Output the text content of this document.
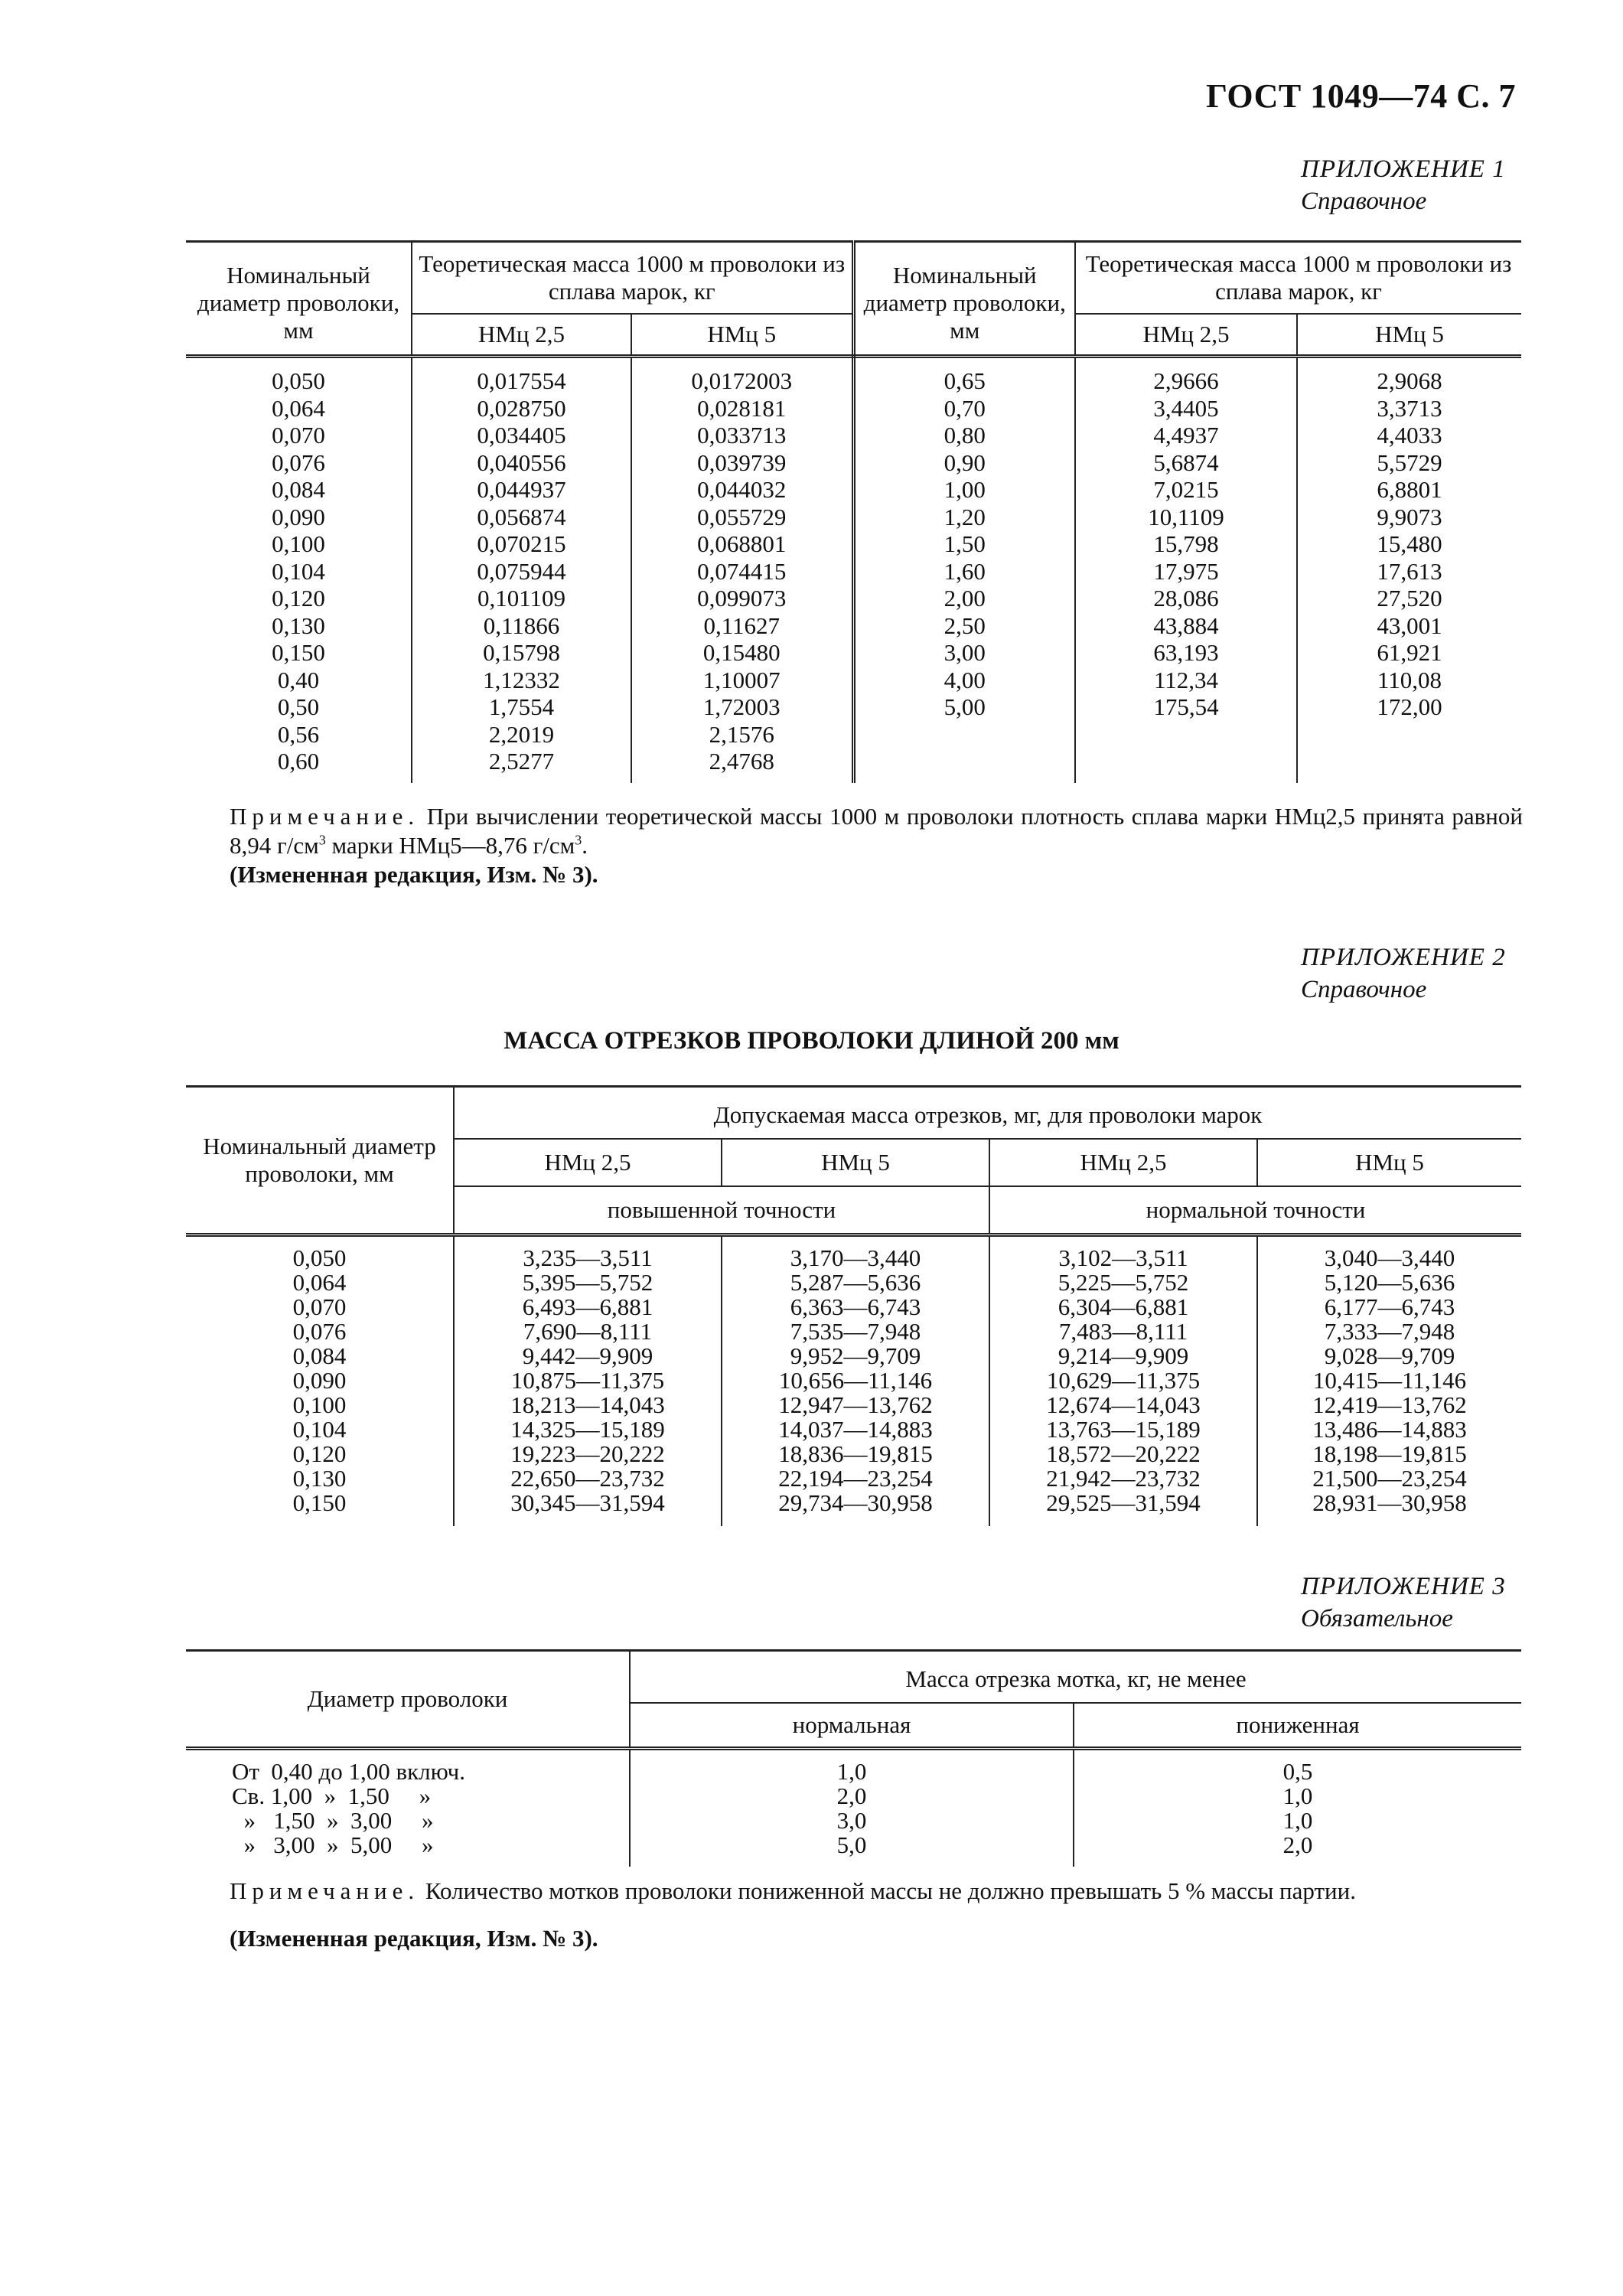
ГОСТ 1049—74 С. 7
ПРИЛОЖЕНИЕ 1
Справочное
Номинальный диаметр проволоки, мм	Теоретическая масса 1000 м проволоки из сплава марок, кг		Номинальный диаметр проволоки, мм	Теоретическая масса 1000 м проволоки из сплава марок, кг	
	НМц 2,5	НМц 5		НМц 2,5	НМц 5
0,050	0,017554	0,0172003	0,65	2,9666	2,9068
0,064	0,028750	0,028181	0,70	3,4405	3,3713
0,070	0,034405	0,033713	0,80	4,4937	4,4033
0,076	0,040556	0,039739	0,90	5,6874	5,5729
0,084	0,044937	0,044032	1,00	7,0215	6,8801
0,090	0,056874	0,055729	1,20	10,1109	9,9073
0,100	0,070215	0,068801	1,50	15,798	15,480
0,104	0,075944	0,074415	1,60	17,975	17,613
0,120	0,101109	0,099073	2,00	28,086	27,520
0,130	0,11866	0,11627	2,50	43,884	43,001
0,150	0,15798	0,15480	3,00	63,193	61,921
0,40	1,12332	1,10007	4,00	112,34	110,08
0,50	1,7554	1,72003	5,00	175,54	172,00
0,56	2,2019	2,1576			
0,60	2,5277	2,4768			
Примечание. При вычислении теоретической массы 1000 м проволоки плотность сплава марки НМц2,5 принята равной 8,94 $г/см^3$ марки НМц5—8,76 $г/см^3$.
(Измененная редакция, Изм. № 3).
ПРИЛОЖЕНИЕ 2
Справочное
МАССА ОТРЕЗКОВ ПРОВОЛОКИ ДЛИНОЙ 200 мм
Номинальный диаметр проволоки, мм	Допускаемая масса отрезков, мг, для проволоки марок			
	НМц 2,5	НМц 5	НМц 2,5	НМц 5
	повышенной точности		нормальной точности	
0,050	3,235—3,511	3,170—3,440	3,102—3,511	3,040—3,440
0,064	5,395—5,752	5,287—5,636	5,225—5,752	5,120—5,636
0,070	6,493—6,881	6,363—6,743	6,304—6,881	6,177—6,743
0,076	7,690—8,111	7,535—7,948	7,483—8,111	7,333—7,948
0,084	9,442—9,909	9,952—9,709	9,214—9,909	9,028—9,709
0,090	10,875—11,375	10,656—11,146	10,629—11,375	10,415—11,146
0,100	18,213—14,043	12,947—13,762	12,674—14,043	12,419—13,762
0,104	14,325—15,189	14,037—14,883	13,763—15,189	13,486—14,883
0,120	19,223—20,222	18,836—19,815	18,572—20,222	18,198—19,815
0,130	22,650—23,732	22,194—23,254	21,942—23,732	21,500—23,254
0,150	30,345—31,594	29,734—30,958	29,525—31,594	28,931—30,958
ПРИЛОЖЕНИЕ 3
Обязательное
Диаметр проволоки	Масса отрезка мотка, кг, не менее	
	нормальная	пониженная
От  0,40 до 1,00 включ.	1,0	0,5
Св. 1,00  »  1,50     »	2,0	1,0
»   1,50  »  3,00     »	3,0	1,0
»   3,00  »  5,00     »	5,0	2,0
Примечание. Количество мотков проволоки пониженной массы не должно превышать 5 % массы партии.
(Измененная редакция, Изм. № 3).
